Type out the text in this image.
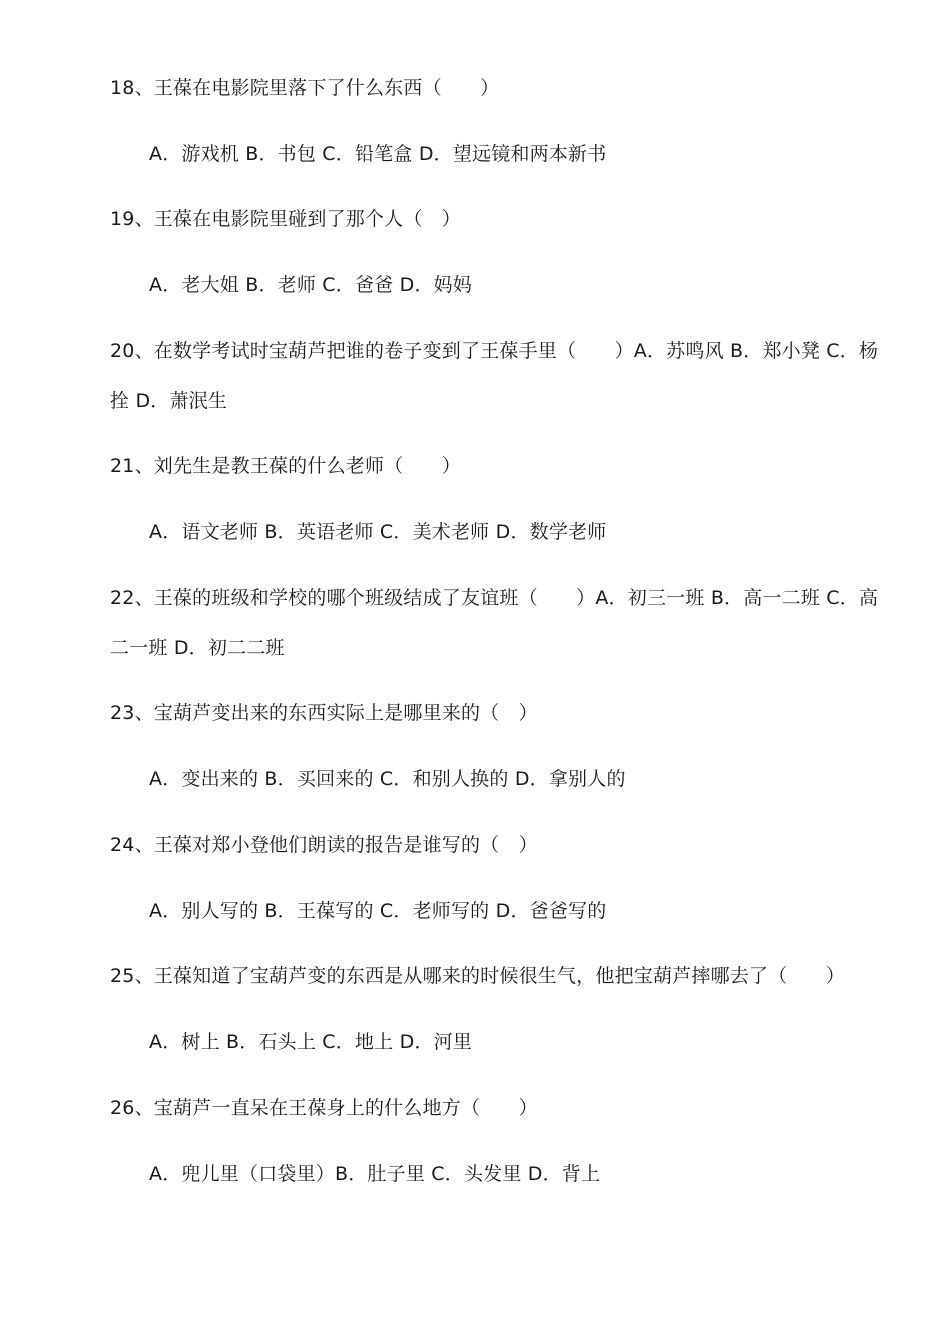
18、王葆在电影院里落下了什么东西（　　）
A．游戏机 B．书包 C．铅笔盒 D．望远镜和两本新书
19、王葆在电影院里碰到了那个人（　）
A．老大姐 B．老师 C．爸爸 D．妈妈
20、在数学考试时宝葫芦把谁的卷子变到了王葆手里（　　）A．苏鸣风 B．郑小凳 C．杨
拴 D．萧泯生
21、刘先生是教王葆的什么老师（　　）
A．语文老师 B．英语老师 C．美术老师 D．数学老师
22、王葆的班级和学校的哪个班级结成了友谊班（　　）A．初三一班 B．高一二班 C．高
二一班 D．初二二班
23、宝葫芦变出来的东西实际上是哪里来的（　）
A．变出来的 B．买回来的 C．和别人换的 D．拿别人的
24、王葆对郑小登他们朗读的报告是谁写的（　）
A．别人写的 B．王葆写的 C．老师写的 D．爸爸写的
25、王葆知道了宝葫芦变的东西是从哪来的时候很生气，他把宝葫芦摔哪去了（　　）
A．树上 B．石头上 C．地上 D．河里
26、宝葫芦一直呆在王葆身上的什么地方（　　）
A．兜儿里（口袋里）B．肚子里 C．头发里 D．背上
